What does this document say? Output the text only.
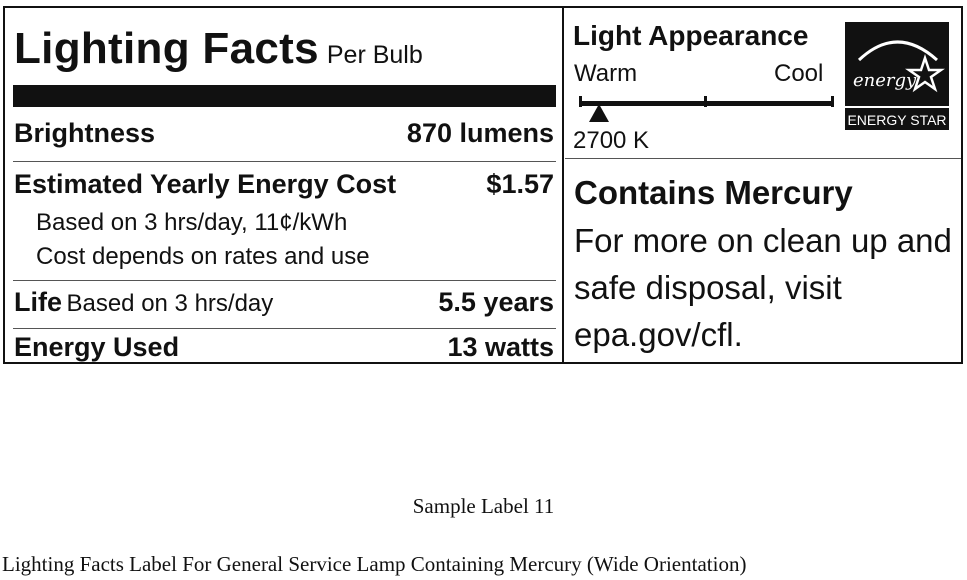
Lighting Facts Per Bulb
Brightness	870 lumens
Estimated Yearly Energy Cost	$1.57
Based on 3 hrs/day, 11¢/kWh
Cost depends on rates and use
Life Based on 3 hrs/day	5.5 years
Energy Used	13 watts
Light Appearance
Warm	Cool
2700 K
energy
ENERGY STAR
Contains Mercury
For more on clean up and safe disposal, visit epa.gov/cfl.
Sample Label 11
Lighting Facts Label For General Service Lamp Containing Mercury (Wide Orientation)
